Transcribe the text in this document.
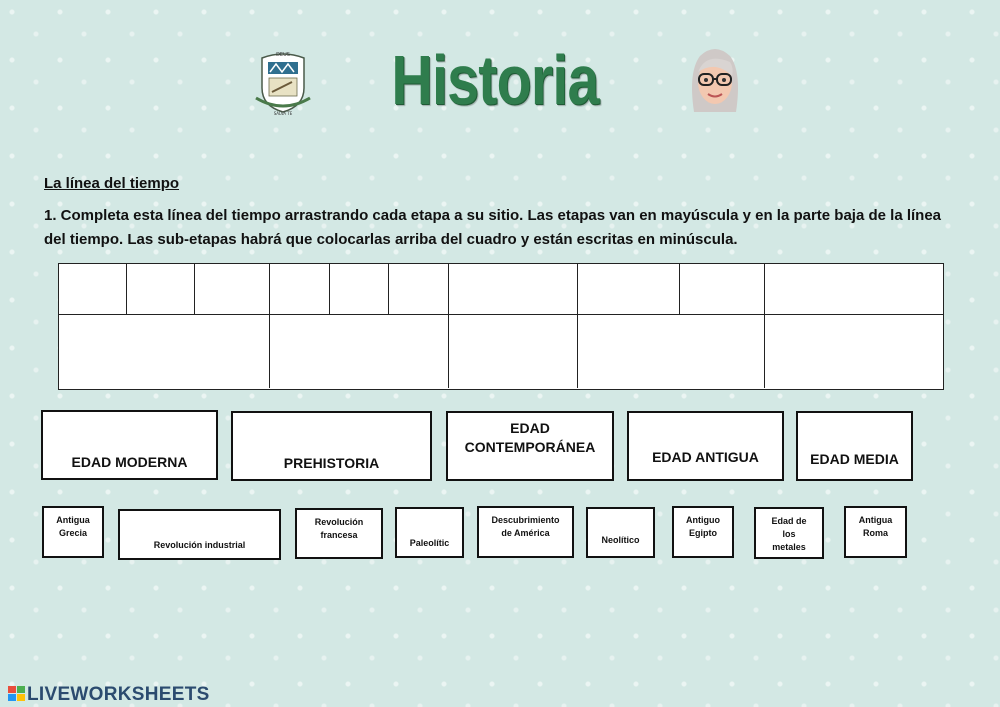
DEUS
SALVA TE Historia
La línea del tiempo
1. Completa esta línea del tiempo arrastrando cada etapa a su sitio. Las etapas van en mayúscula y en la parte baja de la línea del tiempo. Las sub-etapas habrá que colocarlas arriba del cuadro y están escritas en minúscula.
EDAD MODERNA	PREHISTORIA
EDAD CONTEMPORÁNEA
EDAD ANTIGUA	EDAD MEDIA
Antigua Grecia
Revolución industrial
Revolución francesa
Paleolític
Descubrimiento de América
Neolítico
Antiguo Egipto
Edad de los metales
Antigua Roma
LIVEWORKSHEETS
